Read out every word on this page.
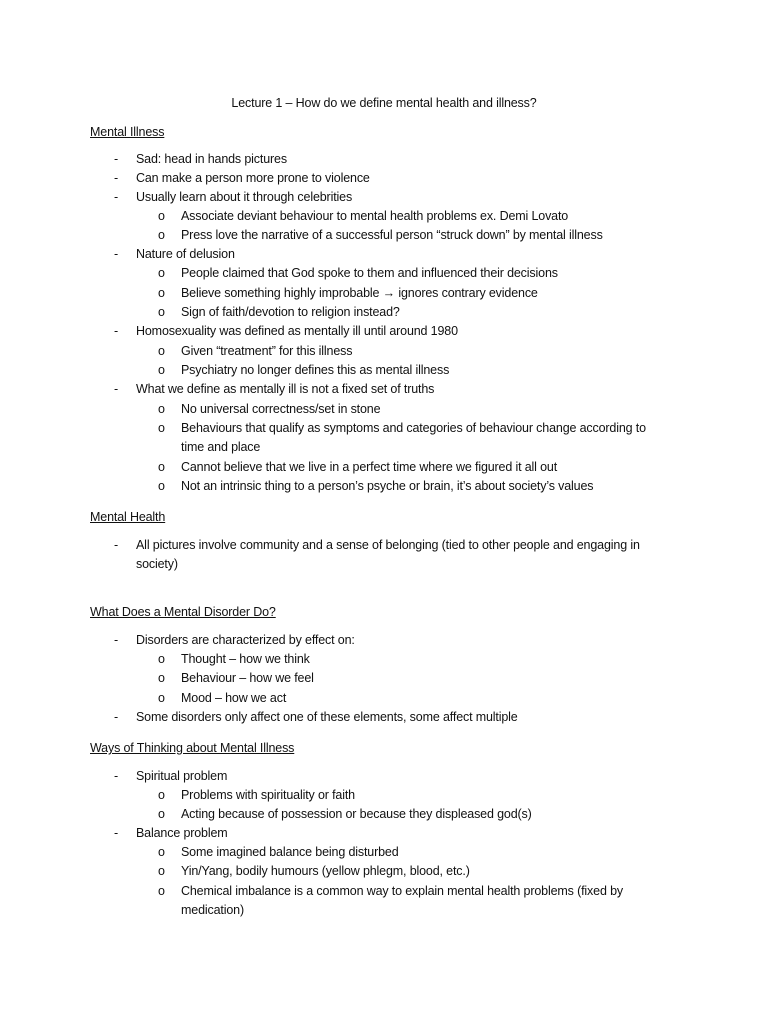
Lecture 1 – How do we define mental health and illness?
Mental Illness
- Sad: head in hands pictures
- Can make a person more prone to violence
- Usually learn about it through celebrities
o Associate deviant behaviour to mental health problems ex. Demi Lovato
o Press love the narrative of a successful person “struck down” by mental illness
- Nature of delusion
o People claimed that God spoke to them and influenced their decisions
o Believe something highly improbable → ignores contrary evidence
o Sign of faith/devotion to religion instead?
- Homosexuality was defined as mentally ill until around 1980
o Given “treatment” for this illness
o Psychiatry no longer defines this as mental illness
- What we define as mentally ill is not a fixed set of truths
o No universal correctness/set in stone
o Behaviours that qualify as symptoms and categories of behaviour change according to time and place
o Cannot believe that we live in a perfect time where we figured it all out
o Not an intrinsic thing to a person’s psyche or brain, it’s about society’s values
Mental Health
- All pictures involve community and a sense of belonging (tied to other people and engaging in society)
What Does a Mental Disorder Do?
- Disorders are characterized by effect on:
o Thought – how we think
o Behaviour – how we feel
o Mood – how we act
- Some disorders only affect one of these elements, some affect multiple
Ways of Thinking about Mental Illness
- Spiritual problem
o Problems with spirituality or faith
o Acting because of possession or because they displeased god(s)
- Balance problem
o Some imagined balance being disturbed
o Yin/Yang, bodily humours (yellow phlegm, blood, etc.)
o Chemical imbalance is a common way to explain mental health problems (fixed by medication)
